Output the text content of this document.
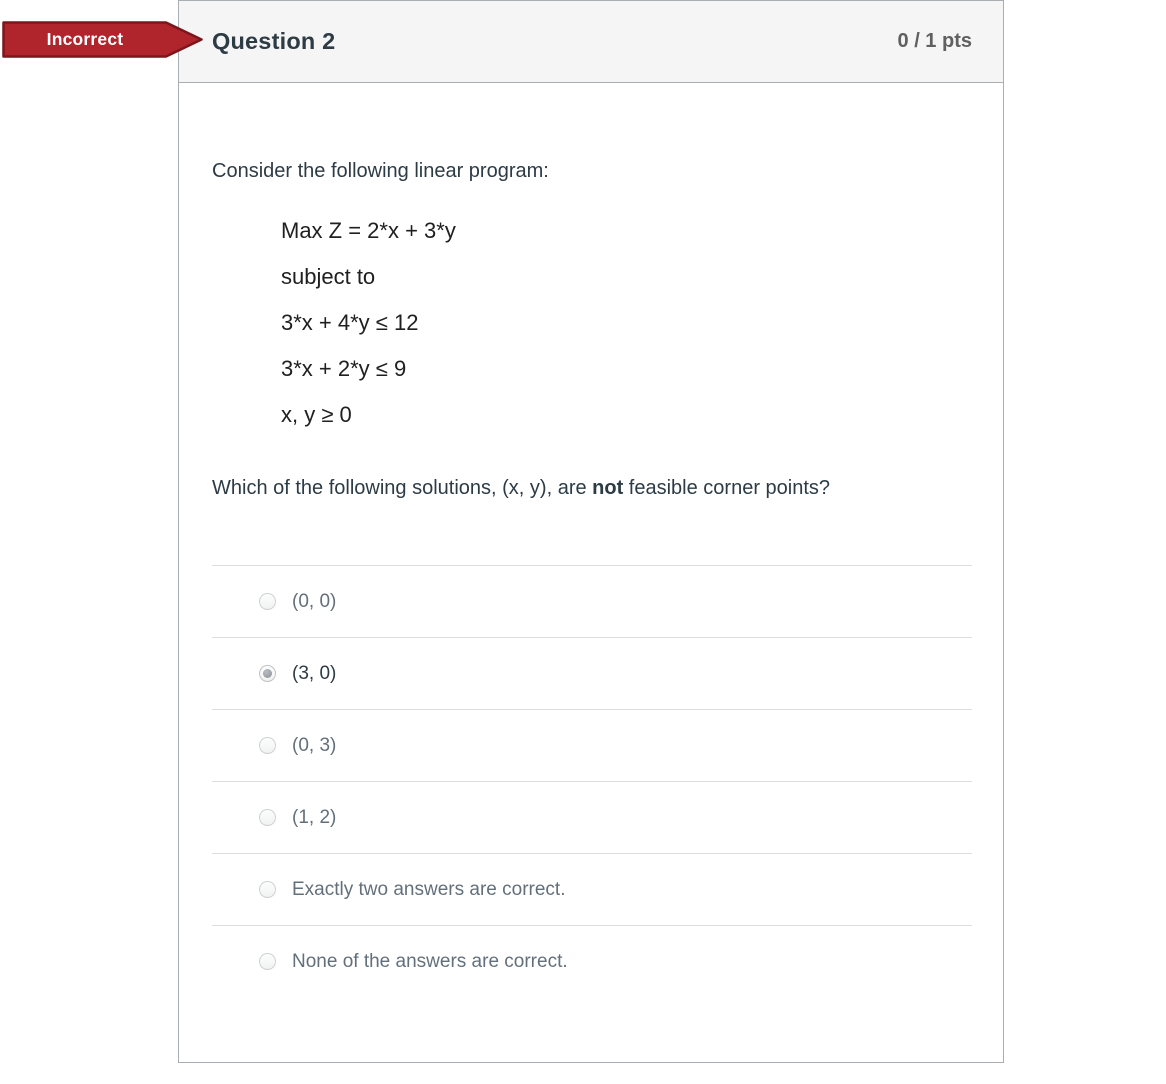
Question 2	0 / 1 pts

Consider the following linear program:

Max Z = 2*x + 3*y
subject to
3*x + 4*y ≤ 12
3*x + 2*y ≤ 9
x, y ≥ 0

Which of the following solutions, (x, y), are not feasible corner points?

(0, 0)
(3, 0)
(0, 3)
(1, 2)
Exactly two answers are correct.
None of the answers are correct.
Incorrect
